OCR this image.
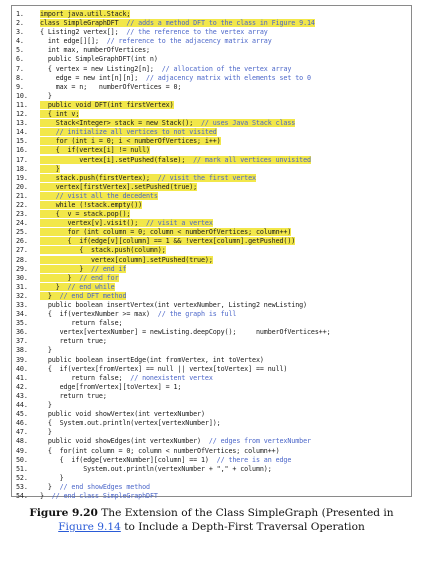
1.	import java.util.Stack;
2.	class SimpleGraphDFT  // adds a method DFT to the class in Figure 9.14
3.	{ Listing2 vertex[];  // the reference to the vertex array
4.	int edge[][];  // reference to the adjacency matrix array
5.	int max, numberOfVertices;
6.	public SimpleGraphDFT(int n)
7.	{ vertex = new Listing2[n];  // allocation of the vertex array
8.	edge = new int[n][n];  // adjacency matrix with elements set to 0
9.	max = n;   numberOfVertices = 0;
10.	}
11.	public void DFT(int firstVertex)
12.	{ int v;
13.	Stack<Integer> stack = new Stack();  // uses Java Stack class
14.	// initialize all vertices to not visited
15.	for (int i = 0; i < numberOfVertices; i++)
16.	{  if(vertex[i] != null)
17.	vertex[i].setPushed(false);  // mark all vertices unvisited
18.	}
19.	stack.push(firstVertex);  // visit the first vertex
20.	vertex[firstVertex].setPushed(true);
21.	// visit all the decedents
22.	while (!stack.empty())
23.	{  v = stack.pop();
24.	vertex[v].visit();  // visit a vertex
25.	for (int column = 0; column < numberOfVertices; column++)
26.	{  if(edge[v][column] == 1 && !vertex[column].getPushed())
27.	{  stack.push(column);
28.	vertex[column].setPushed(true);
29.	}  // end if
30.	}  // end for
31.	}  // end while
32.	}  // end DFT method
33.	public boolean insertVertex(int vertexNumber, Listing2 newListing)
34.	{  if(vertexNumber >= max)  // the graph is full
35.	return false;
36.	vertex[vertexNumber] = newListing.deepCopy();     numberOfVertices++;
37.	return true;
38.	}
39.	public boolean insertEdge(int fromVertex, int toVertex)
40.	{  if(vertex[fromVertex] == null || vertex[toVertex] == null)
41.	return false;  // nonexistent vertex
42.	edge[fromVertex][toVertex] = 1;
43.	return true;
44.	}
45.	public void showVertex(int vertexNumber)
46.	{  System.out.println(vertex[vertexNumber]);
47.	}
48.	public void showEdges(int vertexNumber)  // edges from vertexNumber
49.	{  for(int column = 0; column < numberOfVertices; column++)
50.	{  if(edge[vertexNumber][column] == 1)  // there is an edge
51.	System.out.println(vertexNumber + "," + column);
52.	}
53.	}  // end showEdges method
54.	}  // end class SimpleGraphDFT
Figure 9.20 The Extension of the Class SimpleGraph (Presented in Figure 9.14 to Include a Depth-First Traversal Operation
